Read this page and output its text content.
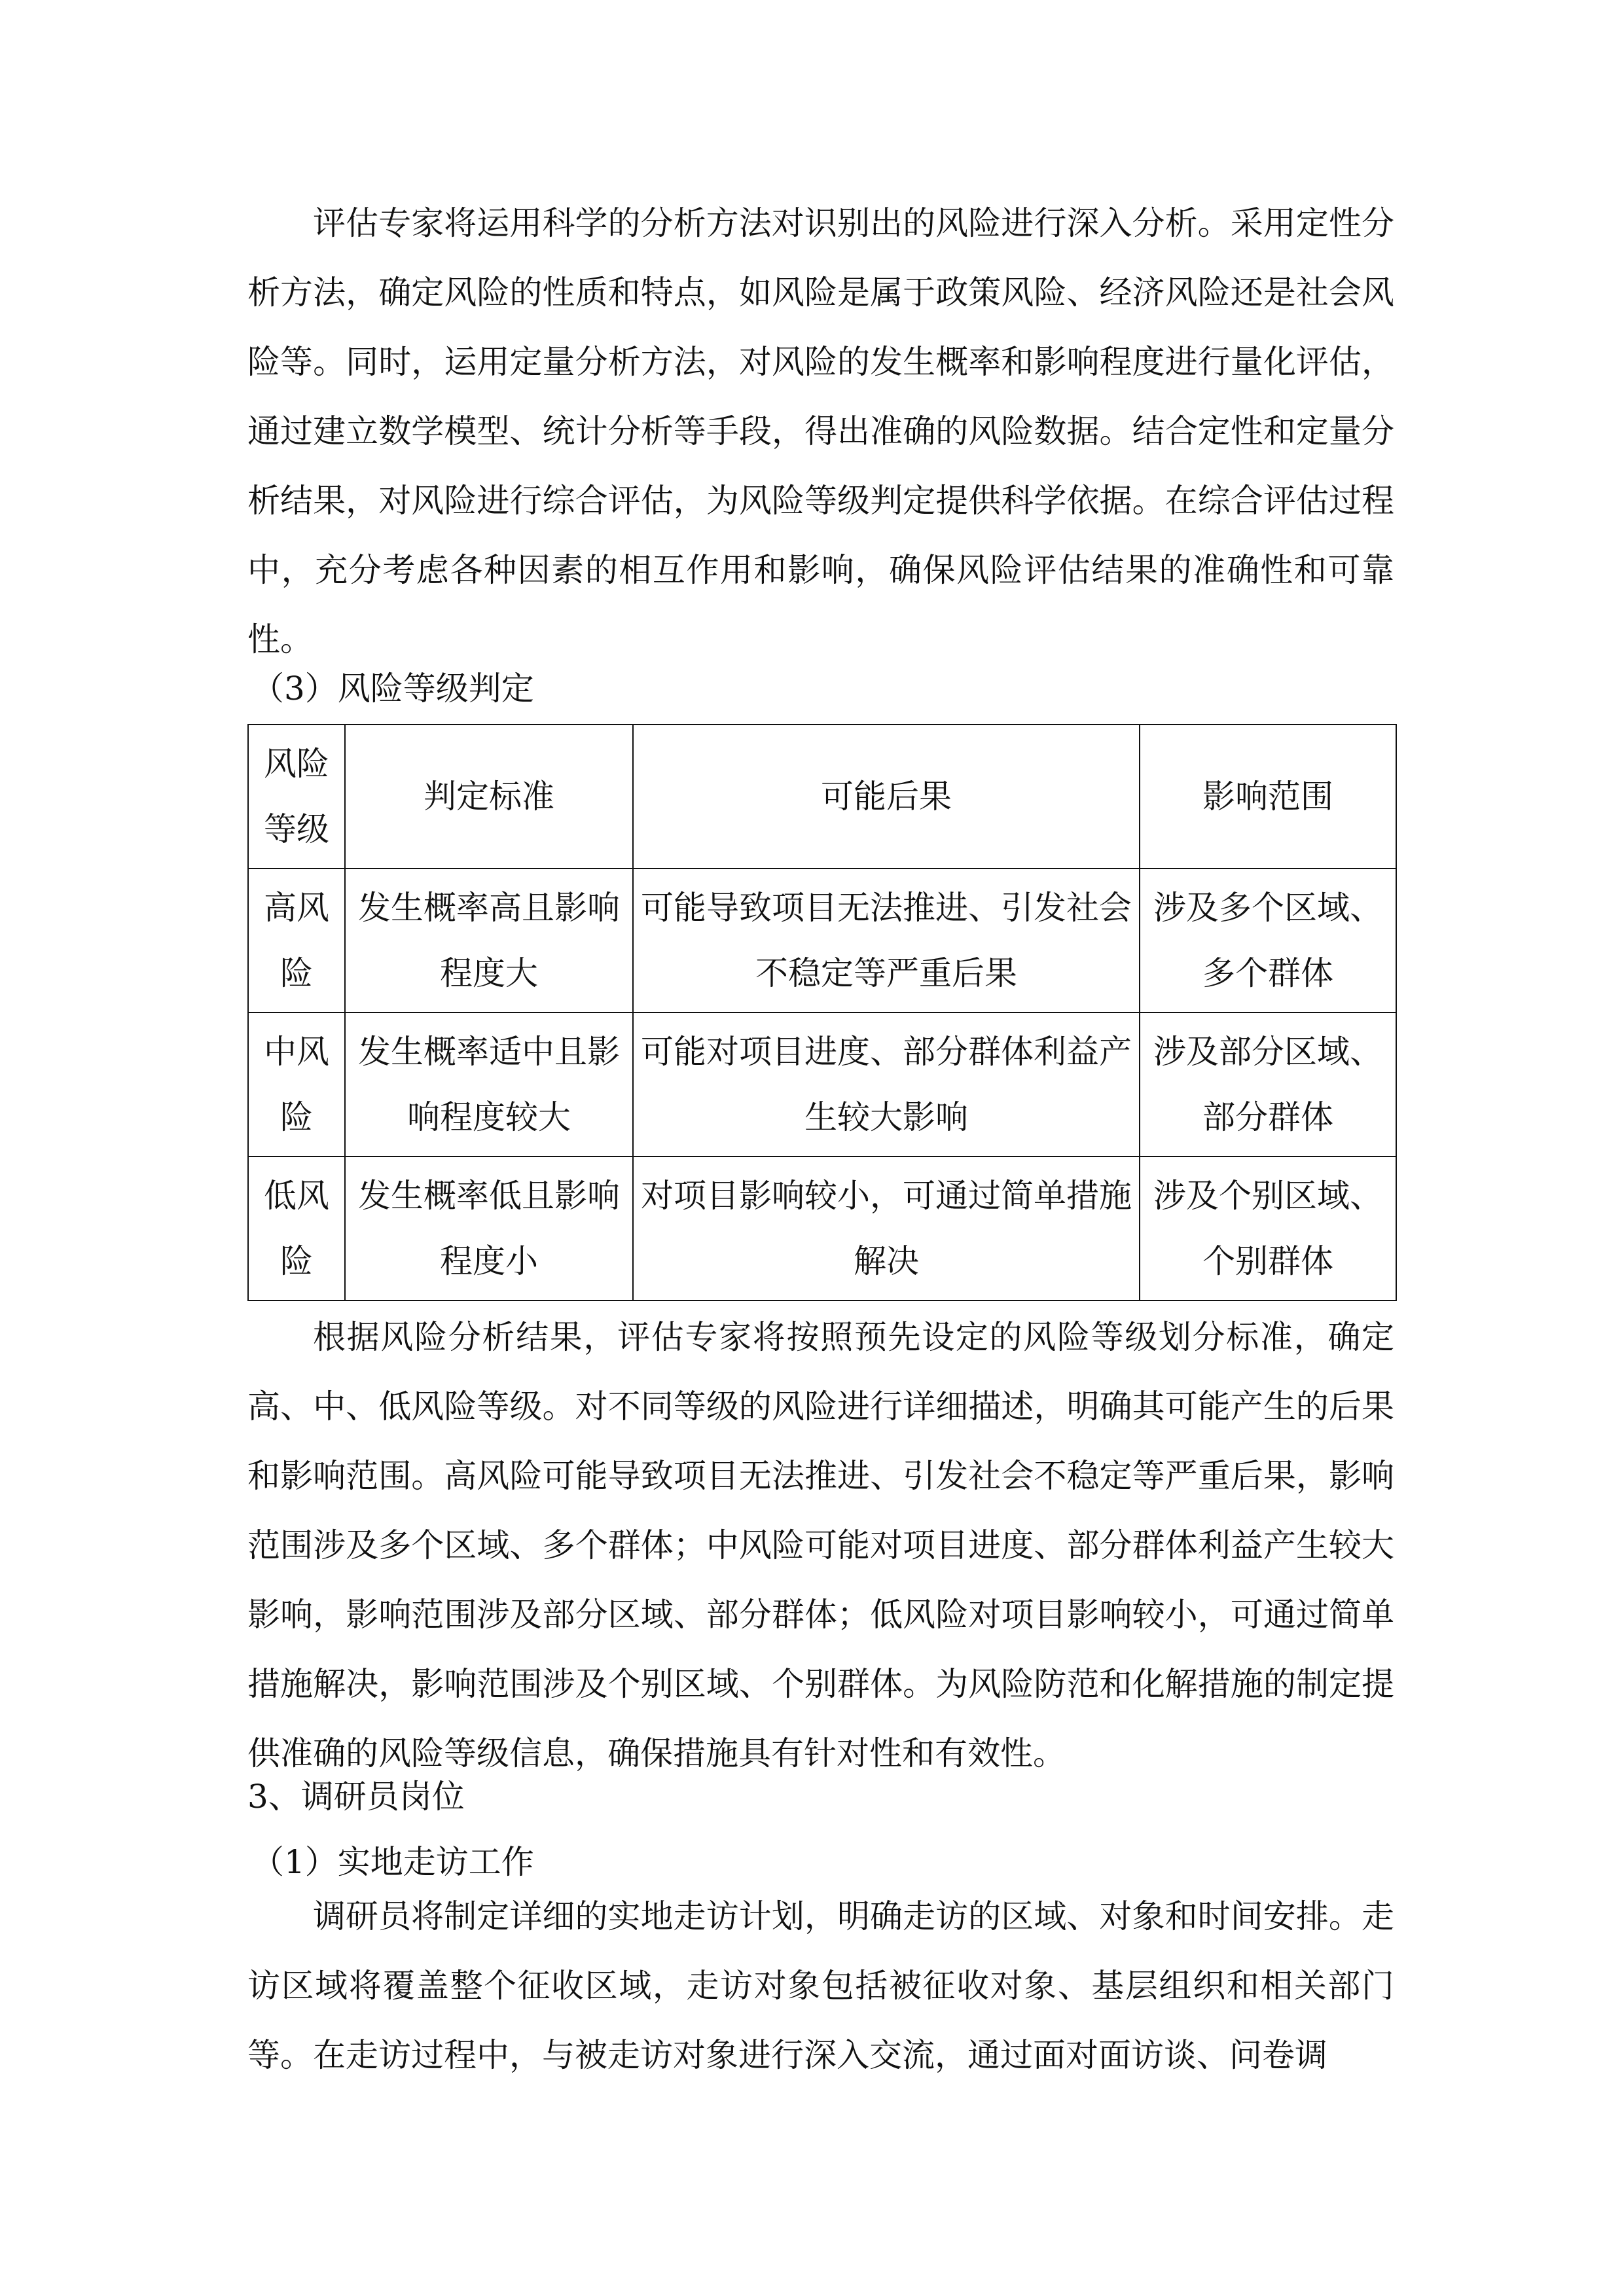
评估专家将运用科学的分析方法对识别出的风险进行深入分析。采用定性分析方法，确定风险的性质和特点，如风险是属于政策风险、经济风险还是社会风险等。同时，运用定量分析方法，对风险的发生概率和影响程度进行量化评估，通过建立数学模型、统计分析等手段，得出准确的风险数据。结合定性和定量分析结果，对风险进行综合评估，为风险等级判定提供科学依据。在综合评估过程中，充分考虑各种因素的相互作用和影响，确保风险评估结果的准确性和可靠性。

（3）风险等级判定
风险等级	判定标准	可能后果	影响范围
高风险	发生概率高且影响程度大	可能导致项目无法推进、引发社会不稳定等严重后果	涉及多个区域、多个群体
中风险	发生概率适中且影响程度较大	可能对项目进度、部分群体利益产生较大影响	涉及部分区域、部分群体
低风险	发生概率低且影响程度小	对项目影响较小，可通过简单措施解决	涉及个别区域、个别群体

根据风险分析结果，评估专家将按照预先设定的风险等级划分标准，确定高、中、低风险等级。对不同等级的风险进行详细描述，明确其可能产生的后果和影响范围。高风险可能导致项目无法推进、引发社会不稳定等严重后果，影响范围涉及多个区域、多个群体；中风险可能对项目进度、部分群体利益产生较大影响，影响范围涉及部分区域、部分群体；低风险对项目影响较小，可通过简单措施解决，影响范围涉及个别区域、个别群体。为风险防范和化解措施的制定提供准确的风险等级信息，确保措施具有针对性和有效性。

3、调研员岗位
（1）实地走访工作

调研员将制定详细的实地走访计划，明确走访的区域、对象和时间安排。走访区域将覆盖整个征收区域，走访对象包括被征收对象、基层组织和相关部门等。在走访过程中，与被走访对象进行深入交流，通过面对面访谈、问卷调
